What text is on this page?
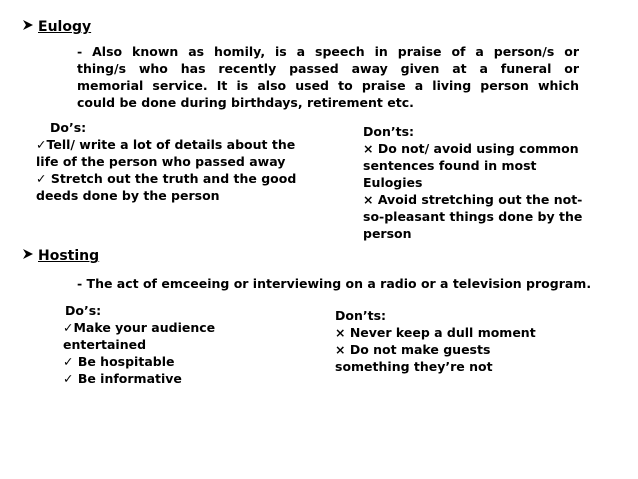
Eulogy
- Also known as homily, is a speech in praise of a person/s or
thing/s who has recently passed away given at a funeral or
memorial service. It is also used to praise a living person which
could be done during birthdays, retirement etc.
Do’s:
✓Tell/ write a lot of details about the
life of the person who passed away
✓ Stretch out the truth and the good
deeds done by the person
Don’ts:
× Do not/ avoid using common
sentences found in most
Eulogies
× Avoid stretching out the not-
so-pleasant things done by the
person
Hosting
- The act of emceeing or interviewing on a radio or a television program.
Do’s:
✓Make your audience
entertained
✓ Be hospitable
✓ Be informative
Don’ts:
× Never keep a dull moment
× Do not make guests
something they’re not
